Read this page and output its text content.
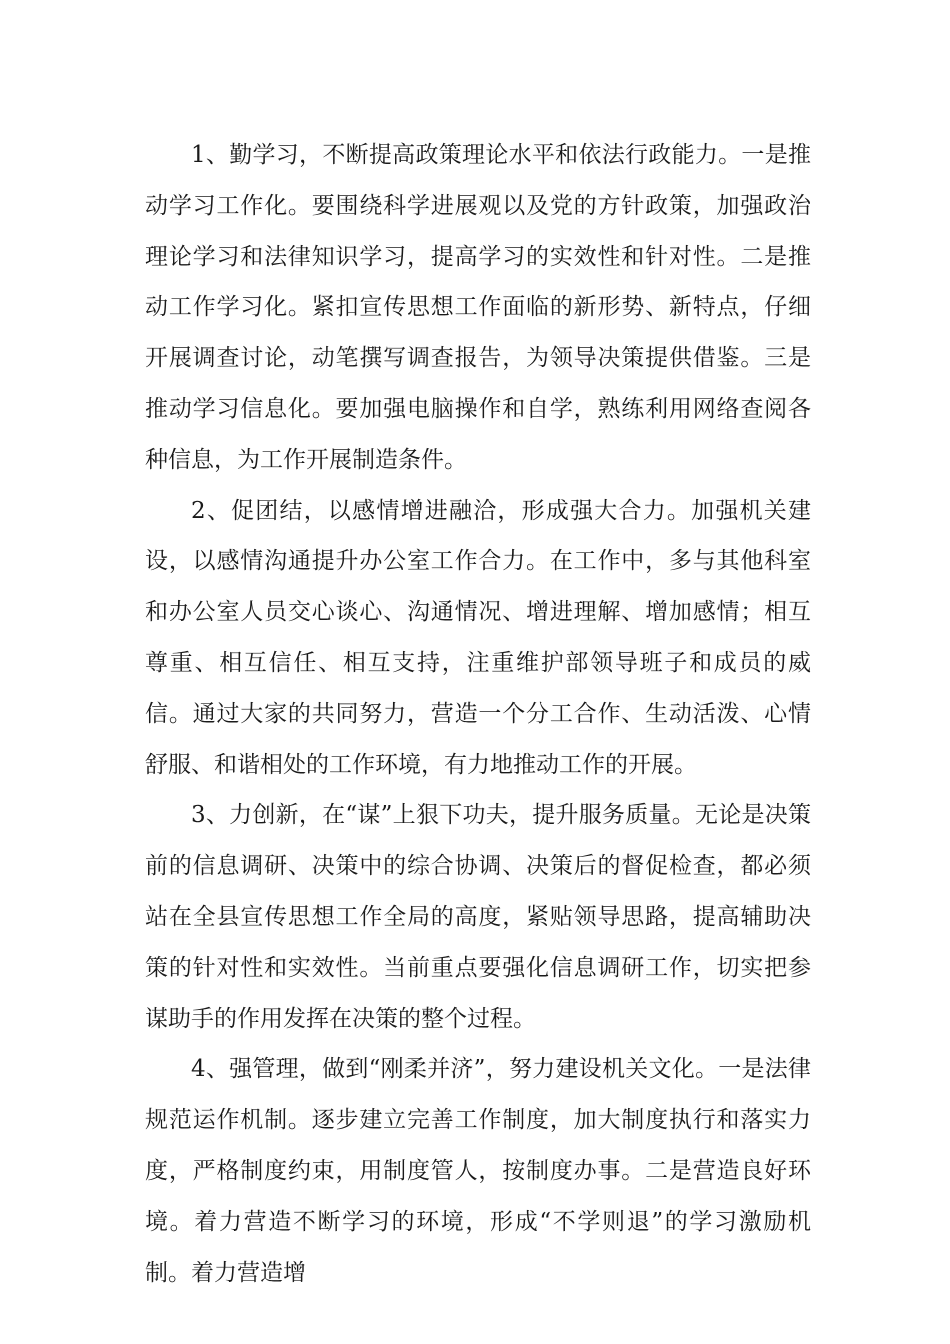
1、勤学习，不断提高政策理论水平和依法行政能力。一是推动学习工作化。要围绕科学进展观以及党的方针政策，加强政治理论学习和法律知识学习，提高学习的实效性和针对性。二是推动工作学习化。紧扣宣传思想工作面临的新形势、新特点，仔细开展调查讨论，动笔撰写调查报告，为领导决策提供借鉴。三是推动学习信息化。要加强电脑操作和自学，熟练利用网络查阅各种信息，为工作开展制造条件。

2、促团结，以感情增进融洽，形成强大合力。加强机关建设，以感情沟通提升办公室工作合力。在工作中，多与其他科室和办公室人员交心谈心、沟通情况、增进理解、增加感情；相互尊重、相互信任、相互支持，注重维护部领导班子和成员的威信。通过大家的共同努力，营造一个分工合作、生动活泼、心情舒服、和谐相处的工作环境，有力地推动工作的开展。

3、力创新，在“谋”上狠下功夫，提升服务质量。无论是决策前的信息调研、决策中的综合协调、决策后的督促检查，都必须站在全县宣传思想工作全局的高度，紧贴领导思路，提高辅助决策的针对性和实效性。当前重点要强化信息调研工作，切实把参谋助手的作用发挥在决策的整个过程。

4、强管理，做到“刚柔并济”，努力建设机关文化。一是法律规范运作机制。逐步建立完善工作制度，加大制度执行和落实力度，严格制度约束，用制度管人，按制度办事。二是营造良好环境。着力营造不断学习的环境，形成“不学则退”的学习激励机制。着力营造增
